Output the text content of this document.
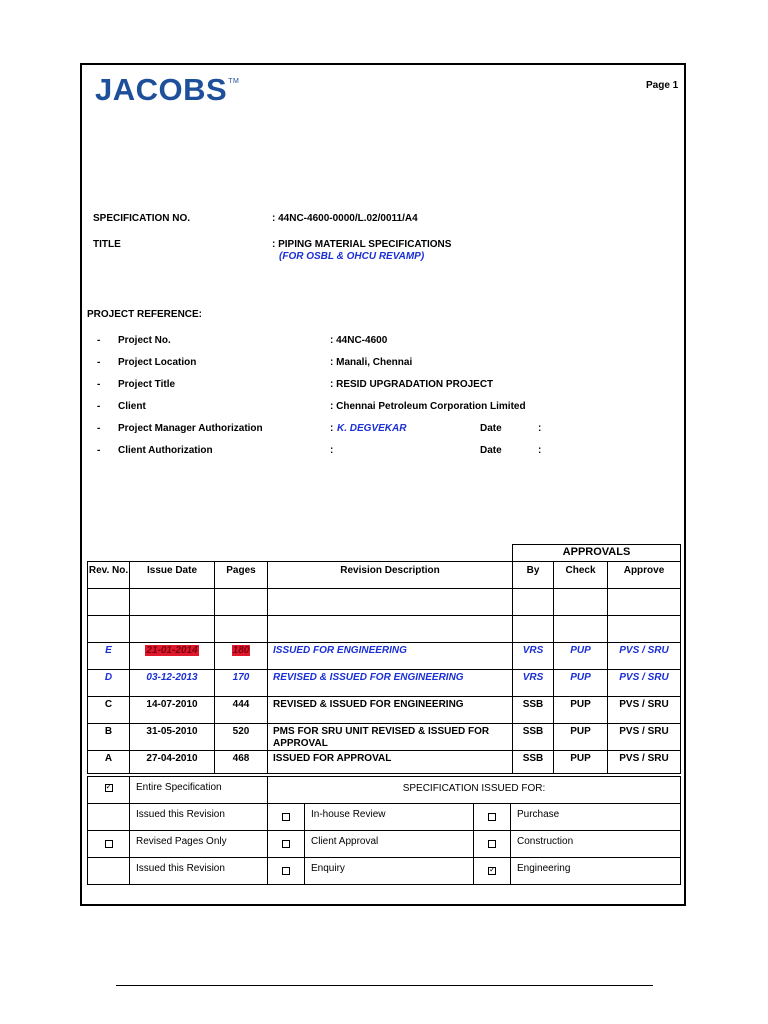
JACOBS™	Page 1
SPECIFICATION NO.	: 44NC-4600-0000/L.02/0011/A4
TITLE	: PIPING MATERIAL SPECIFICATIONS
(FOR OSBL & OHCU REVAMP)
PROJECT REFERENCE:
- Project No.	: 44NC-4600
- Project Location	: Manali, Chennai
- Project Title	: RESID UPGRADATION PROJECT
- Client	: Chennai Petroleum Corporation Limited
- Project Manager Authorization	: K. DEGVEKAR	Date	:
- Client Authorization	:	Date	:
				APPROVALS		
Rev. No.	Issue Date	Pages	Revision Description	By	Check	Approve

E	21-01-2014	180	ISSUED FOR ENGINEERING	VRS	PUP	PVS / SRU
D	03-12-2013	170	REVISED & ISSUED FOR ENGINEERING	VRS	PUP	PVS / SRU
C	14-07-2010	444	REVISED & ISSUED FOR ENGINEERING	SSB	PUP	PVS / SRU
B	31-05-2010	520	PMS FOR SRU UNIT REVISED & ISSUED FOR APPROVAL	SSB	PUP	PVS / SRU
A	27-04-2010	468	ISSUED FOR APPROVAL	SSB	PUP	PVS / SRU
✓	Entire Specification	SPECIFICATION ISSUED FOR:			
	Issued this Revision		In-house Review		Purchase
	Revised Pages Only		Client Approval		Construction
	Issued this Revision		Enquiry	✓	Engineering
